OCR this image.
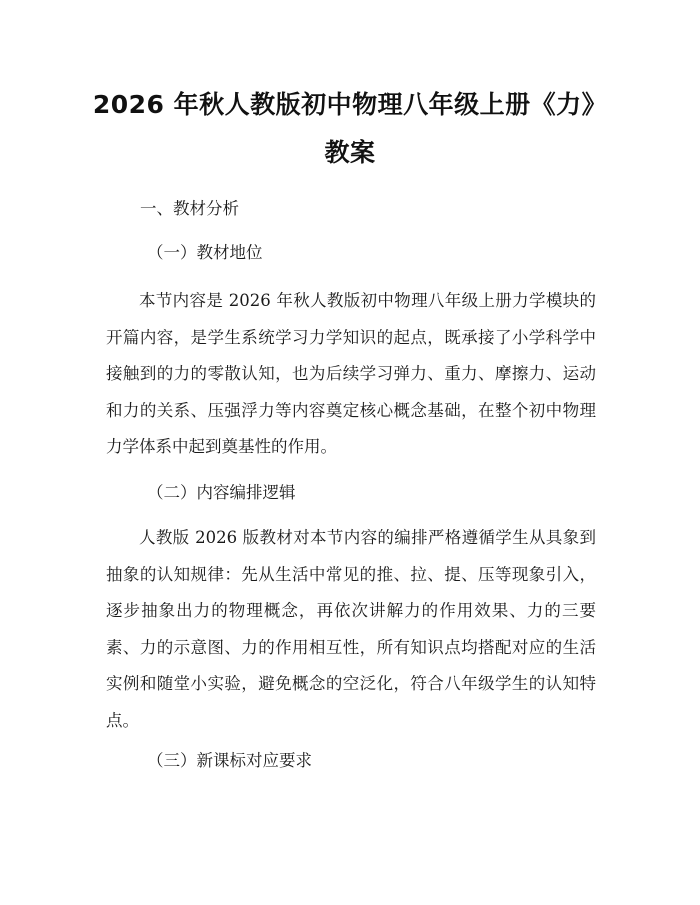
2026 年秋人教版初中物理八年级上册《力》
教案
一、教材分析
（一）教材地位

本节内容是 2026 年秋人教版初中物理八年级上册力学模块的开篇内容，是学生系统学习力学知识的起点，既承接了小学科学中接触到的力的零散认知，也为后续学习弹力、重力、摩擦力、运动和力的关系、压强浮力等内容奠定核心概念基础，在整个初中物理力学体系中起到奠基性的作用。

（二）内容编排逻辑

人教版 2026 版教材对本节内容的编排严格遵循学生从具象到抽象的认知规律：先从生活中常见的推、拉、提、压等现象引入，逐步抽象出力的物理概念，再依次讲解力的作用效果、力的三要素、力的示意图、力的作用相互性，所有知识点均搭配对应的生活实例和随堂小实验，避免概念的空泛化，符合八年级学生的认知特点。

（三）新课标对应要求
